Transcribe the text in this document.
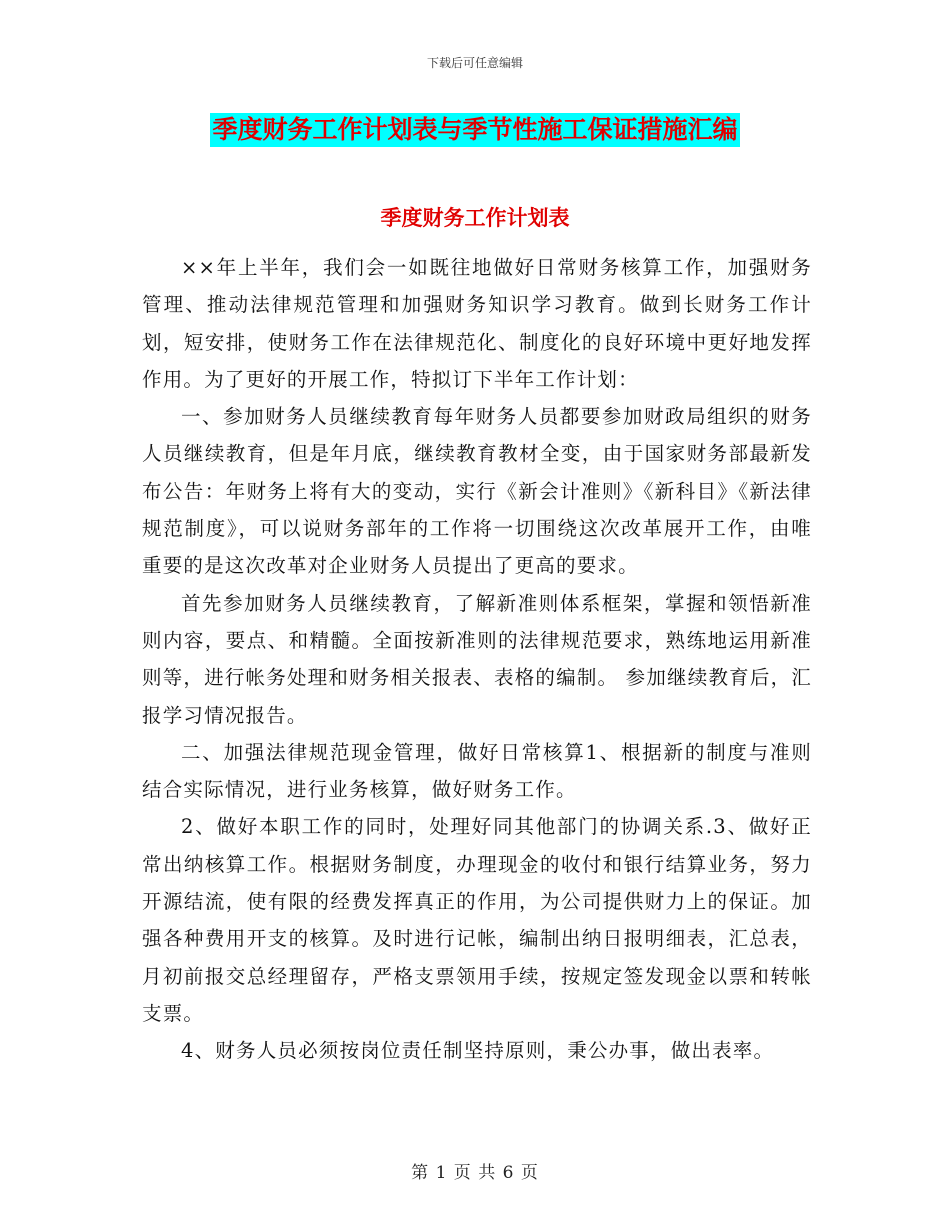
下载后可任意编辑
季度财务工作计划表与季节性施工保证措施汇编
季度财务工作计划表

××年上半年，我们会一如既往地做好日常财务核算工作，加强财务管理、推动法律规范管理和加强财务知识学习教育。做到长财务工作计划，短安排，使财务工作在法律规范化、制度化的良好环境中更好地发挥作用。为了更好的开展工作，特拟订下半年工作计划：

一、参加财务人员继续教育每年财务人员都要参加财政局组织的财务人员继续教育，但是年月底，继续教育教材全变，由于国家财务部最新发布公告：年财务上将有大的变动，实行《新会计准则》《新科目》《新法律规范制度》，可以说财务部年的工作将一切围绕这次改革展开工作，由唯重要的是这次改革对企业财务人员提出了更高的要求。

首先参加财务人员继续教育，了解新准则体系框架，掌握和领悟新准则内容，要点、和精髓。全面按新准则的法律规范要求，熟练地运用新准则等，进行帐务处理和财务相关报表、表格的编制。 参加继续教育后，汇报学习情况报告。

二、加强法律规范现金管理，做好日常核算1、根据新的制度与准则结合实际情况，进行业务核算，做好财务工作。

2、做好本职工作的同时，处理好同其他部门的协调关系.3、做好正常出纳核算工作。根据财务制度，办理现金的收付和银行结算业务，努力开源结流，使有限的经费发挥真正的作用，为公司提供财力上的保证。加强各种费用开支的核算。及时进行记帐，编制出纳日报明细表，汇总表，月初前报交总经理留存，严格支票领用手续，按规定签发现金以票和转帐支票。

4、财务人员必须按岗位责任制坚持原则，秉公办事，做出表率。

第 1 页 共 6 页
